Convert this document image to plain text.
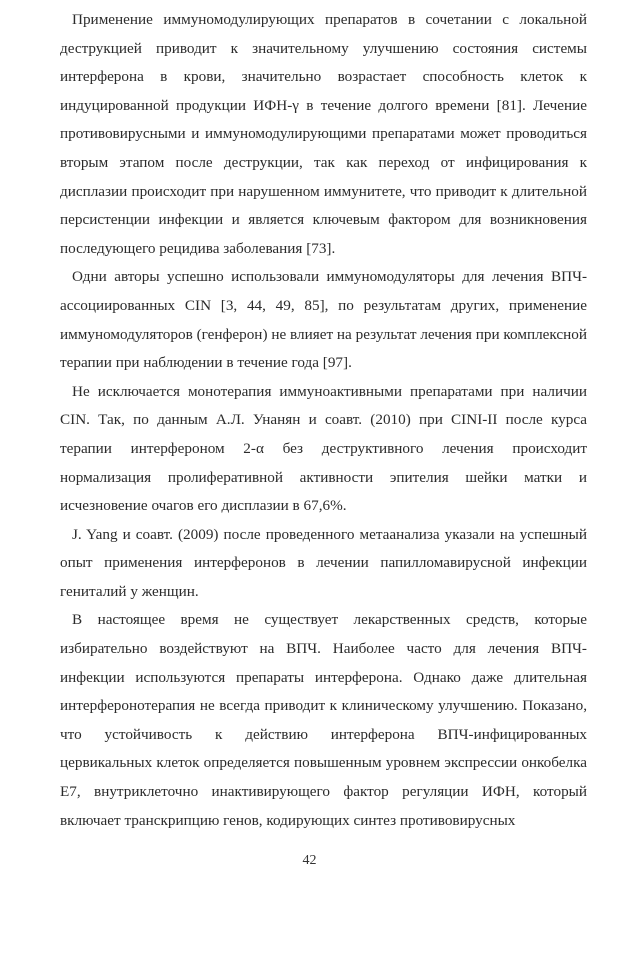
Применение иммуномодулирующих препаратов в сочетании с локальной деструкцией приводит к значительному улучшению состояния системы интерферона в крови, значительно возрастает способность клеток к индуцированной продукции ИФН-γ в течение долгого времени [81]. Лечение противовирусными и иммуномодулирующими препаратами может проводиться вторым этапом после деструкции, так как переход от инфицирования к дисплазии происходит при нарушенном иммунитете, что приводит к длительной персистенции инфекции и является ключевым фактором для возникновения последующего рецидива заболевания [73].

Одни авторы успешно использовали иммуномодуляторы для лечения ВПЧ-ассоциированных CIN [3, 44, 49, 85], по результатам других, применение иммуномодуляторов (генферон) не влияет на результат лечения при комплексной терапии при наблюдении в течение года [97].

Не исключается монотерапия иммуноактивными препаратами при наличии CIN. Так, по данным А.Л. Унанян и соавт. (2010) при CINI-II после курса терапии интерфероном 2-α без деструктивного лечения происходит нормализация пролиферативной активности эпителия шейки матки и исчезновение очагов его дисплазии в 67,6%.

J. Yang и соавт. (2009) после проведенного метаанализа указали на успешный опыт применения интерферонов в лечении папилломавирусной инфекции гениталий у женщин.

В настоящее время не существует лекарственных средств, которые избирательно воздействуют на ВПЧ. Наиболее часто для лечения ВПЧ-инфекции используются препараты интерферона. Однако даже длительная интерферонотерапия не всегда приводит к клиническому улучшению. Показано, что устойчивость к действию интерферона ВПЧ-инфицированных цервикальных клеток определяется повышенным уровнем экспрессии онкобелка Е7, внутриклеточно инактивирующего фактор регуляции ИФН, который включает транскрипцию генов, кодирующих синтез противовирусных

42
